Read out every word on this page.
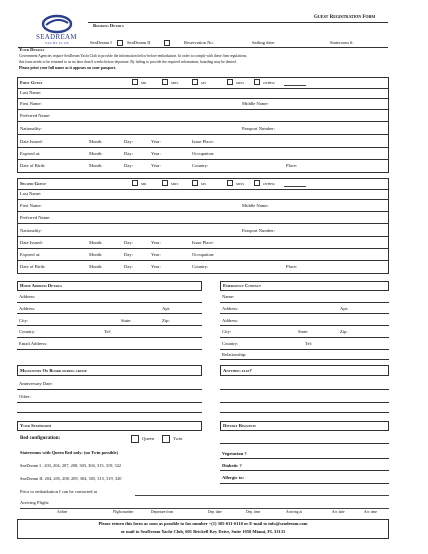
SEADREAM
YACHT CLUB
Guest Registration Form
Booking Details
SeaDream I	SeaDream II	Reservation No.	Sailing date:	Stateroom #:
Your Details
Government Agencies require SeaDream Yacht Club to provide the information below before embarkation. In order to comply with these firm regulations,
this form needs to be returned to us no later than 6 weeks before departure. By failing to provide the required information, boarding may be denied.
Please print your full name as it appears on your passport.
First Guest	MR	MRS	MS	MISS	OTHER
Last Name:
First Name:	Middle Name:
Preferred Name:
Nationality:	Passport Number:
Date Issued:	Month:	Day:	Year:	Issue Place:
Expired at:	Month:	Day:	Year:	Occupation:
Date of Birth:	Month:	Day:	Year:	Country:	Place:
Second Guest	MR	MRS	MS	MISS	OTHER
Last Name:
First Name:	Middle Name:
Preferred Name:
Nationality:	Passport Number:
Date Issued:	Month:	Day:	Year:	Issue Place:
Expired at:	Month:	Day:	Year:	Occupation:
Date of Birth:	Month:	Day:	Year:	Country:	Place:
Home Address Details
Address:
Address:	Apt:
City:	State:	Zip:
Country:	Tel:
Email Address:
Emergency Contact
Name:
Address:	Apt:
Address:
City:	State:	Zip:
Country:	Tel:
Relationship:
Milestones On Board during cruise
Anniversary Date:
Other:
Anything else?
Your Stateroom
Bed configuration:	Queen	Twin
Staterooms with Queen Bed only: (no Twin possible)
SeaDream I : 203, 204, 207, 208, 303, 304, 315, 319, 322
SeaDream II: 204, 205, 208, 209, 304, 305, 315, 319, 320
Dietary Requests
Vegetarian ?
Diabetic ?
Allergic to:
Prior to embarkation I can be contacted at
Arriving Flight:
Airline	Flight number	Departure from	Dep. date	Dep. time	Arriving at	Arr. date	Arr. time
Please return this form as soon as possible to fax number +(1) 305-631-6110 or E-mail to info@seadream.com
or mail to SeaDream Yacht Club, 601 Brickell Key Drive, Suite 1050 Miami, FL 33131
